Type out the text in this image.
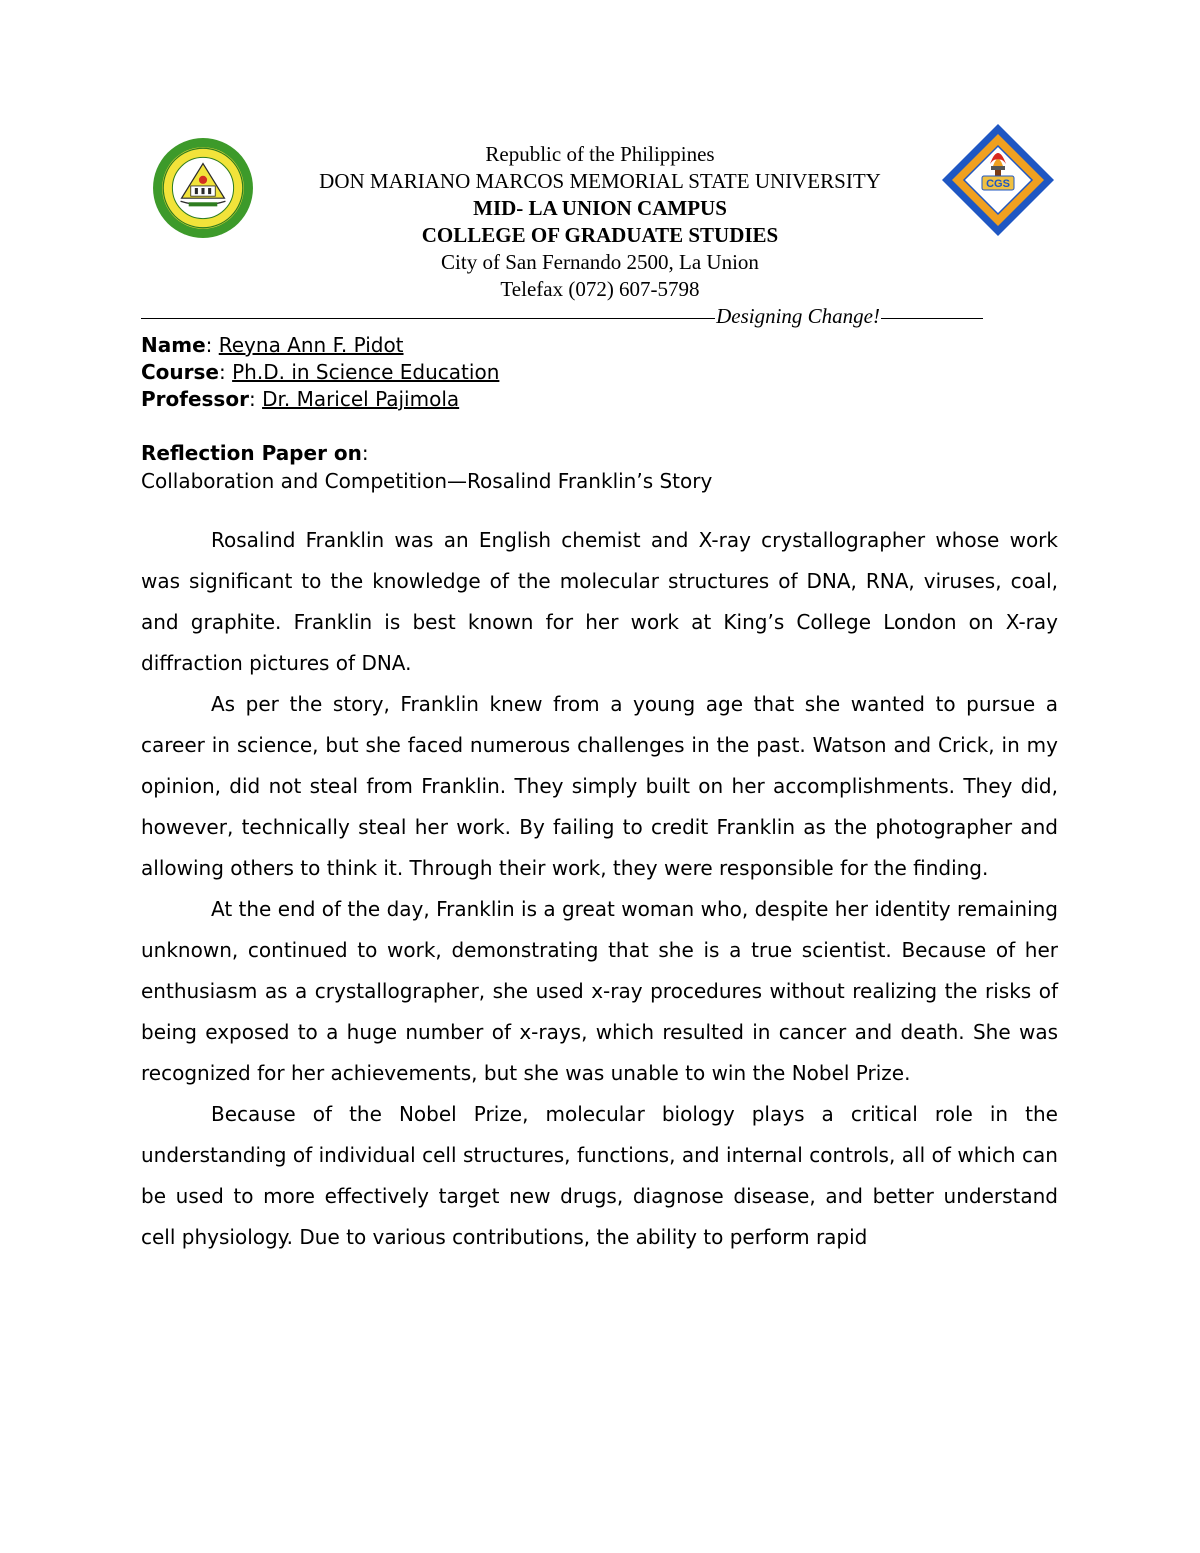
Republic of the Philippines
DON MARIANO MARCOS MEMORIAL STATE UNIVERSITY
MID- LA UNION CAMPUS
COLLEGE OF GRADUATE STUDIES
City of San Fernando 2500, La Union
Telefax (072) 607-5798
CGS
Designing Change!
Name: Reyna Ann F. Pidot
Course: Ph.D. in Science Education
Professor: Dr. Maricel Pajimola
Reflection Paper on:
Collaboration and Competition—Rosalind Franklin’s Story

Rosalind Franklin was an English chemist and X-ray crystallographer whose work was significant to the knowledge of the molecular structures of DNA, RNA, viruses, coal, and graphite. Franklin is best known for her work at King’s College London on X-ray diffraction pictures of DNA.

As per the story, Franklin knew from a young age that she wanted to pursue a career in science, but she faced numerous challenges in the past. Watson and Crick, in my opinion, did not steal from Franklin. They simply built on her accomplishments. They did, however, technically steal her work. By failing to credit Franklin as the photographer and allowing others to think it. Through their work, they were responsible for the finding.

At the end of the day, Franklin is a great woman who, despite her identity remaining unknown, continued to work, demonstrating that she is a true scientist. Because of her enthusiasm as a crystallographer, she used x-ray procedures without realizing the risks of being exposed to a huge number of x-rays, which resulted in cancer and death. She was recognized for her achievements, but she was unable to win the Nobel Prize.

Because of the Nobel Prize, molecular biology plays a critical role in the understanding of individual cell structures, functions, and internal controls, all of which can be used to more effectively target new drugs, diagnose disease, and better understand cell physiology. Due to various contributions, the ability to perform rapid
